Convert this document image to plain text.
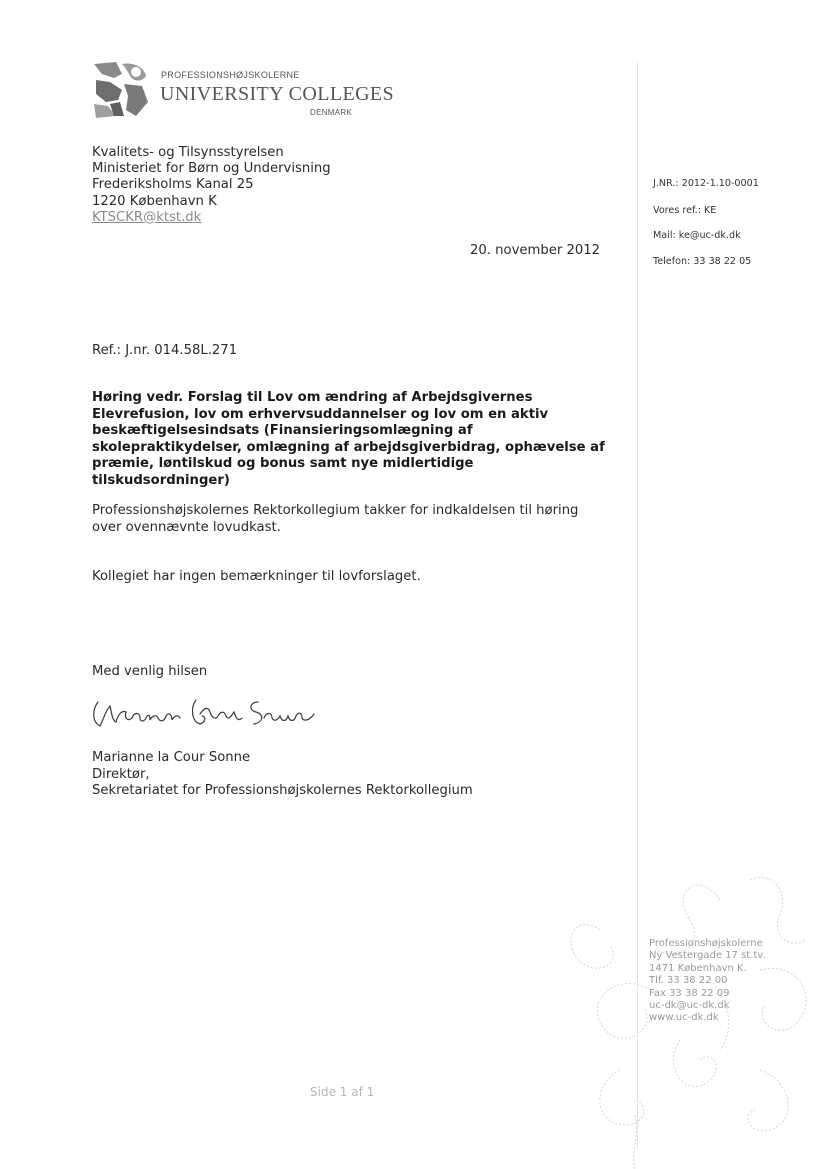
PROFESSIONSHØJSKOLERNE
UNIVERSITY COLLEGES
DENMARK
Kvalitets- og Tilsynsstyrelsen
Ministeriet for Børn og Undervisning
Frederiksholms Kanal 25
1220 København K
KTSCKR@ktst.dk
20. november 2012
J.NR.: 2012-1.10-0001
Vores ref.: KE
Mail: ke@uc-dk.dk
Telefon: 33 38 22 05
Ref.: J.nr. 014.58L.271
Høring vedr. Forslag til Lov om ændring af Arbejdsgivernes Elevrefusion, lov om erhvervsuddannelser og lov om en aktiv beskæftigelsesindsats (Finansieringsomlægning af skolepraktikydelser, omlægning af arbejdsgiverbidrag, ophævelse af præmie, løntilskud og bonus samt nye midlertidige tilskudsordninger)
Professionshøjskolernes Rektorkollegium takker for indkaldelsen til høring over ovennævnte lovudkast.
Kollegiet har ingen bemærkninger til lovforslaget.
Med venlig hilsen
Marianne la Cour Sonne
Direktør,
Sekretariatet for Professionshøjskolernes Rektorkollegium
Professionshøjskolerne
Ny Vestergade 17 st.tv.
1471 København K.
Tlf. 33 38 22 00
Fax 33 38 22 09
uc-dk@uc-dk.dk
www.uc-dk.dk
Side 1 af 1
